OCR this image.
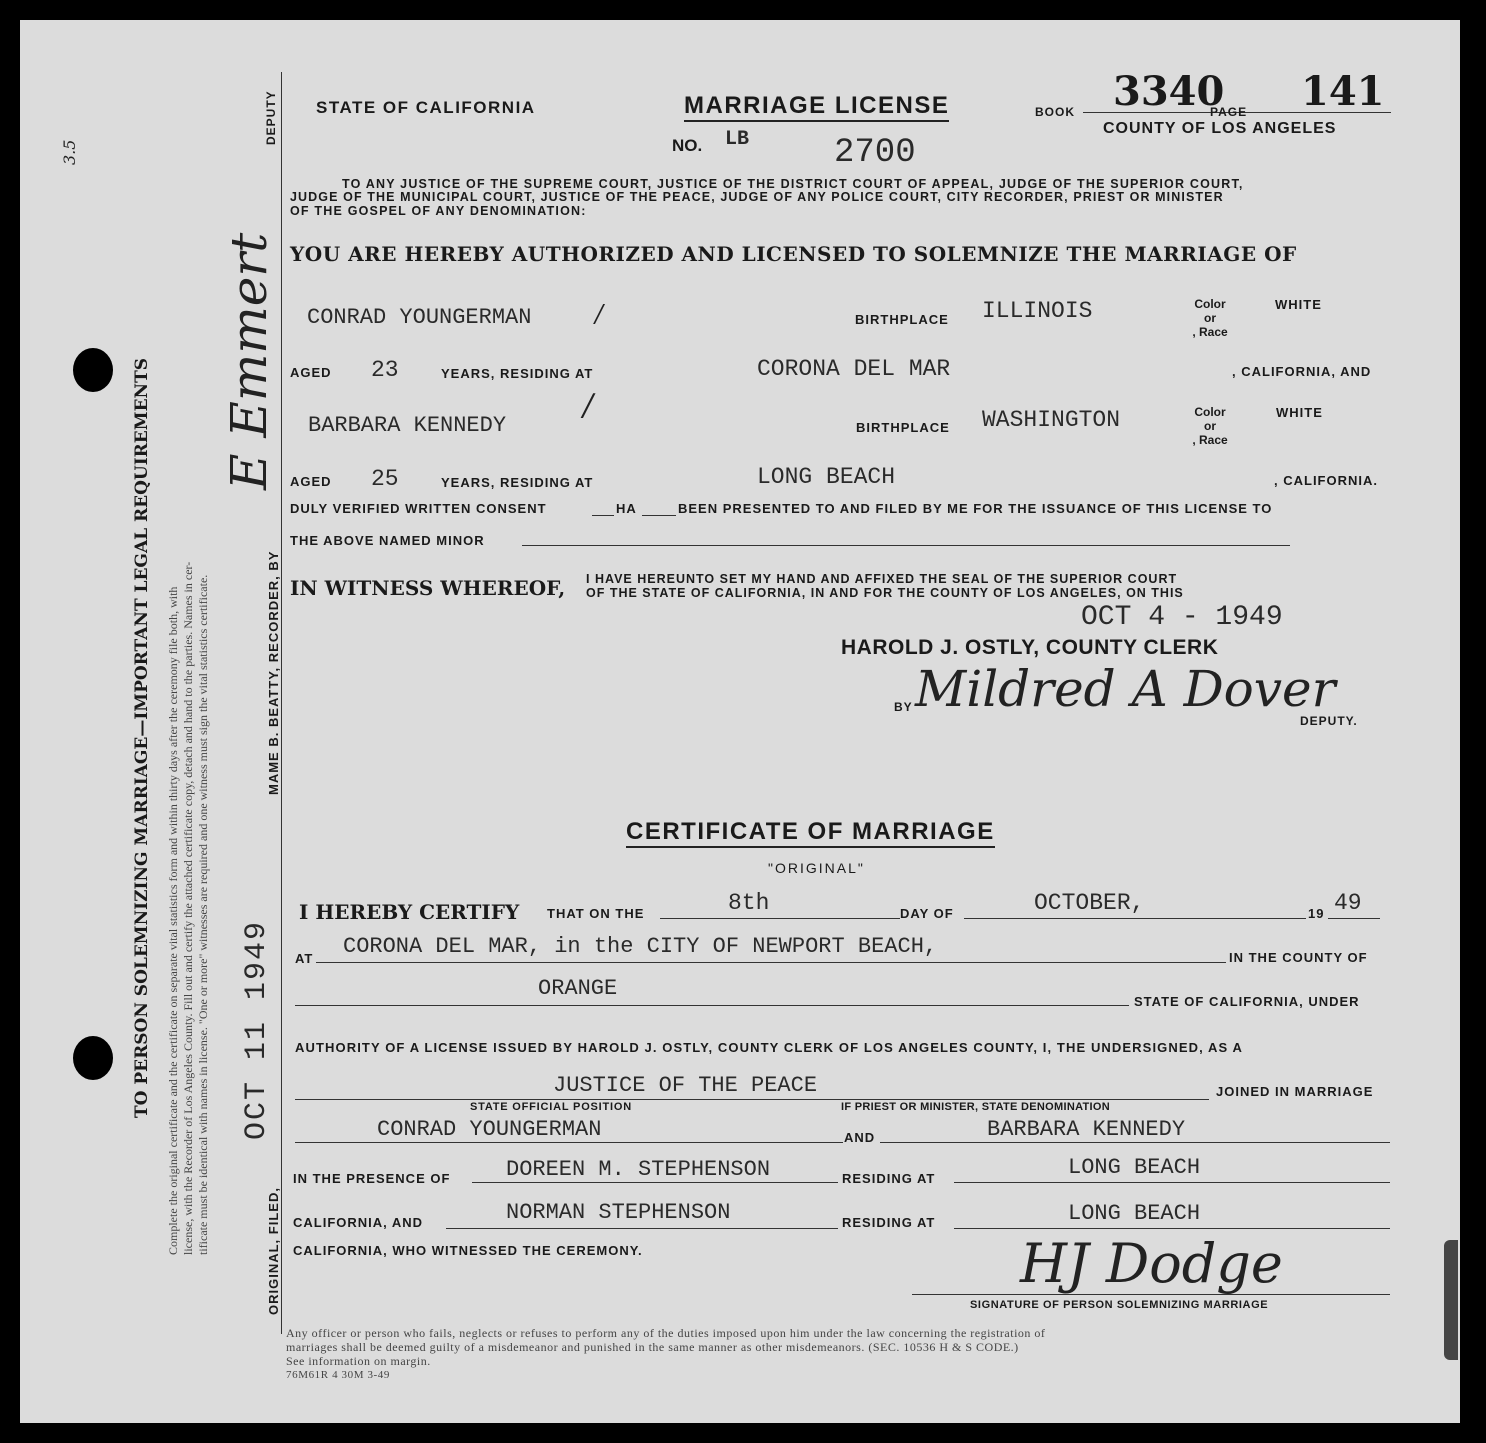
3.5
TO PERSON SOLEMNIZING MARRIAGE—IMPORTANT LEGAL REQUIREMENTS Complete the original certificate and the certificate on separate vital statistics form and within thirty days after the ceremony file both, with license, with the Recorder of Los Angeles County. Fill out and certify the attached certificate copy, detach and hand to the parties. Names in cer- tificate must be identical with names in license. "One or more" witnesses are required and one witness must sign the vital statistics certificate.	ORIGINAL, FILED,
OCT 11 1949
MAME B. BEATTY, RECORDER, BY
E Emmert
DEPUTY STATE OF CALIFORNIA	MARRIAGE LICENSE	BOOK 3340
PAGE 141
COUNTY OF LOS ANGELES
NO. LB 2700
TO ANY JUSTICE OF THE SUPREME COURT, JUSTICE OF THE DISTRICT COURT OF APPEAL, JUDGE OF THE SUPERIOR COURT,
JUDGE OF THE MUNICIPAL COURT, JUSTICE OF THE PEACE, JUDGE OF ANY POLICE COURT, CITY RECORDER, PRIEST OR MINISTER
OF THE GOSPEL OF ANY DENOMINATION:
YOU ARE HEREBY AUTHORIZED AND LICENSED TO SOLEMNIZE THE MARRIAGE OF
CONRAD YOUNGERMAN	/	BIRTHPLACE ILLINOIS	Color
or
, Race
WHITE
AGED 23	YEARS, RESIDING AT	CORONA DEL MAR	, CALIFORNIA, AND
BARBARA KENNEDY
/
BIRTHPLACE WASHINGTON	Color
or
, Race
WHITE
AGED 25	YEARS, RESIDING AT	LONG BEACH	, CALIFORNIA.
DULY VERIFIED WRITTEN CONSENT	HA	BEEN PRESENTED TO AND FILED BY ME FOR THE ISSUANCE OF THIS LICENSE TO
THE ABOVE NAMED MINOR
IN WITNESS WHEREOF, I HAVE HEREUNTO SET MY HAND AND AFFIXED THE SEAL OF THE SUPERIOR COURT
OF THE STATE OF CALIFORNIA, IN AND FOR THE COUNTY OF LOS ANGELES, ON THIS
OCT 4 - 1949
HAROLD J. OSTLY, COUNTY CLERK
BY Mildred A Dover
DEPUTY.
CERTIFICATE OF MARRIAGE
"ORIGINAL"
I HEREBY CERTIFY THAT ON THE	8th	DAY OF	OCTOBER,	19 49
AT CORONA DEL MAR, in the CITY OF NEWPORT BEACH,	IN THE COUNTY OF
ORANGE
STATE OF CALIFORNIA, UNDER
AUTHORITY OF A LICENSE ISSUED BY HAROLD J. OSTLY, COUNTY CLERK OF LOS ANGELES COUNTY, I, THE UNDERSIGNED, AS A
JUSTICE OF THE PEACE	JOINED IN MARRIAGE
STATE OFFICIAL POSITION	IF PRIEST OR MINISTER, STATE DENOMINATION
CONRAD YOUNGERMAN	AND	BARBARA KENNEDY
IN THE PRESENCE OF	DOREEN M. STEPHENSON	RESIDING AT	LONG BEACH
CALIFORNIA, AND	NORMAN STEPHENSON	RESIDING AT	LONG BEACH
CALIFORNIA, WHO WITNESSED THE CEREMONY.	HJ Dodge
SIGNATURE OF PERSON SOLEMNIZING MARRIAGE
Any officer or person who fails, neglects or refuses to perform any of the duties imposed upon him under the law concerning the registration of
marriages shall be deemed guilty of a misdemeanor and punished in the same manner as other misdemeanors. (SEC. 10536 H & S CODE.)
See information on margin.
76M61R 4 30M 3-49
